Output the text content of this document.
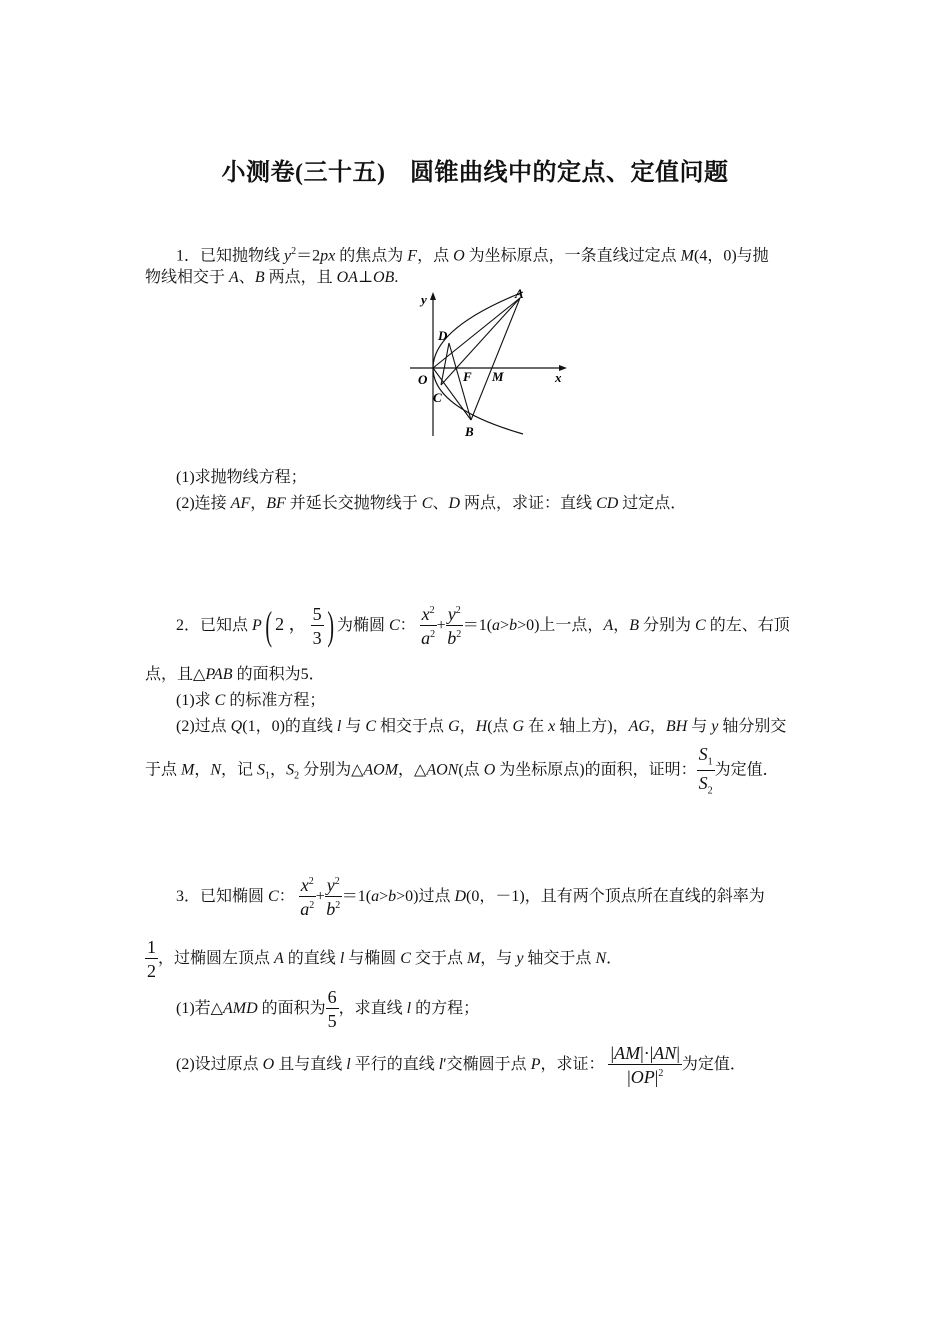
小测卷(三十五)　圆锥曲线中的定点、定值问题
1．已知抛物线 $y^2=2px$ 的焦点为 F，点 O 为坐标原点，一条直线过定点 M(4，0)与抛
物线相交于 A、B 两点，且 OA⊥OB.
y
x
O
A
B
C
D
F M
(1)求抛物线方程；
(2)连接 AF，BF 并延长交抛物线于 C、D 两点，求证：直线 CD 过定点．
2．已知点 P( 2 ， $\frac{5}{3}$ ) 为椭圆 C： $\frac{x^2}{a^2} + \frac{y^2}{b^2} =1(a>b>0)$上一点，A，B 分别为 C 的左、右顶
点，且△PAB 的面积为5．
(1)求 C 的标准方程；
(2)过点 Q(1，0)的直线 l 与 C 相交于点 G，H(点 G 在 x 轴上方)，AG，BH 与 y 轴分别交
于点 M，N，记 $S_1$，$S_2$ 分别为△AOM，△AON(点 O 为坐标原点)的面积，证明： $\frac{S_1}{S_2}$ 为定值．
3．已知椭圆 C： $\frac{x^2}{a^2} + \frac{y^2}{b^2} =1(a>b>0)$过点 D(0，－1)，且有两个顶点所在直线的斜率为
$\frac{1}{2}$ ，过椭圆左顶点 A 的直线 l 与椭圆 C 交于点 M，与 y 轴交于点 N．
(1)若△AMD 的面积为 $\frac{6}{5}$ ，求直线 l 的方程；
(2)设过原点 O 且与直线 l 平行的直线 l′交椭圆于点 P，求证： $\frac{|AM|\cdot|AN|}{|OP|^2}$ 为定值．
